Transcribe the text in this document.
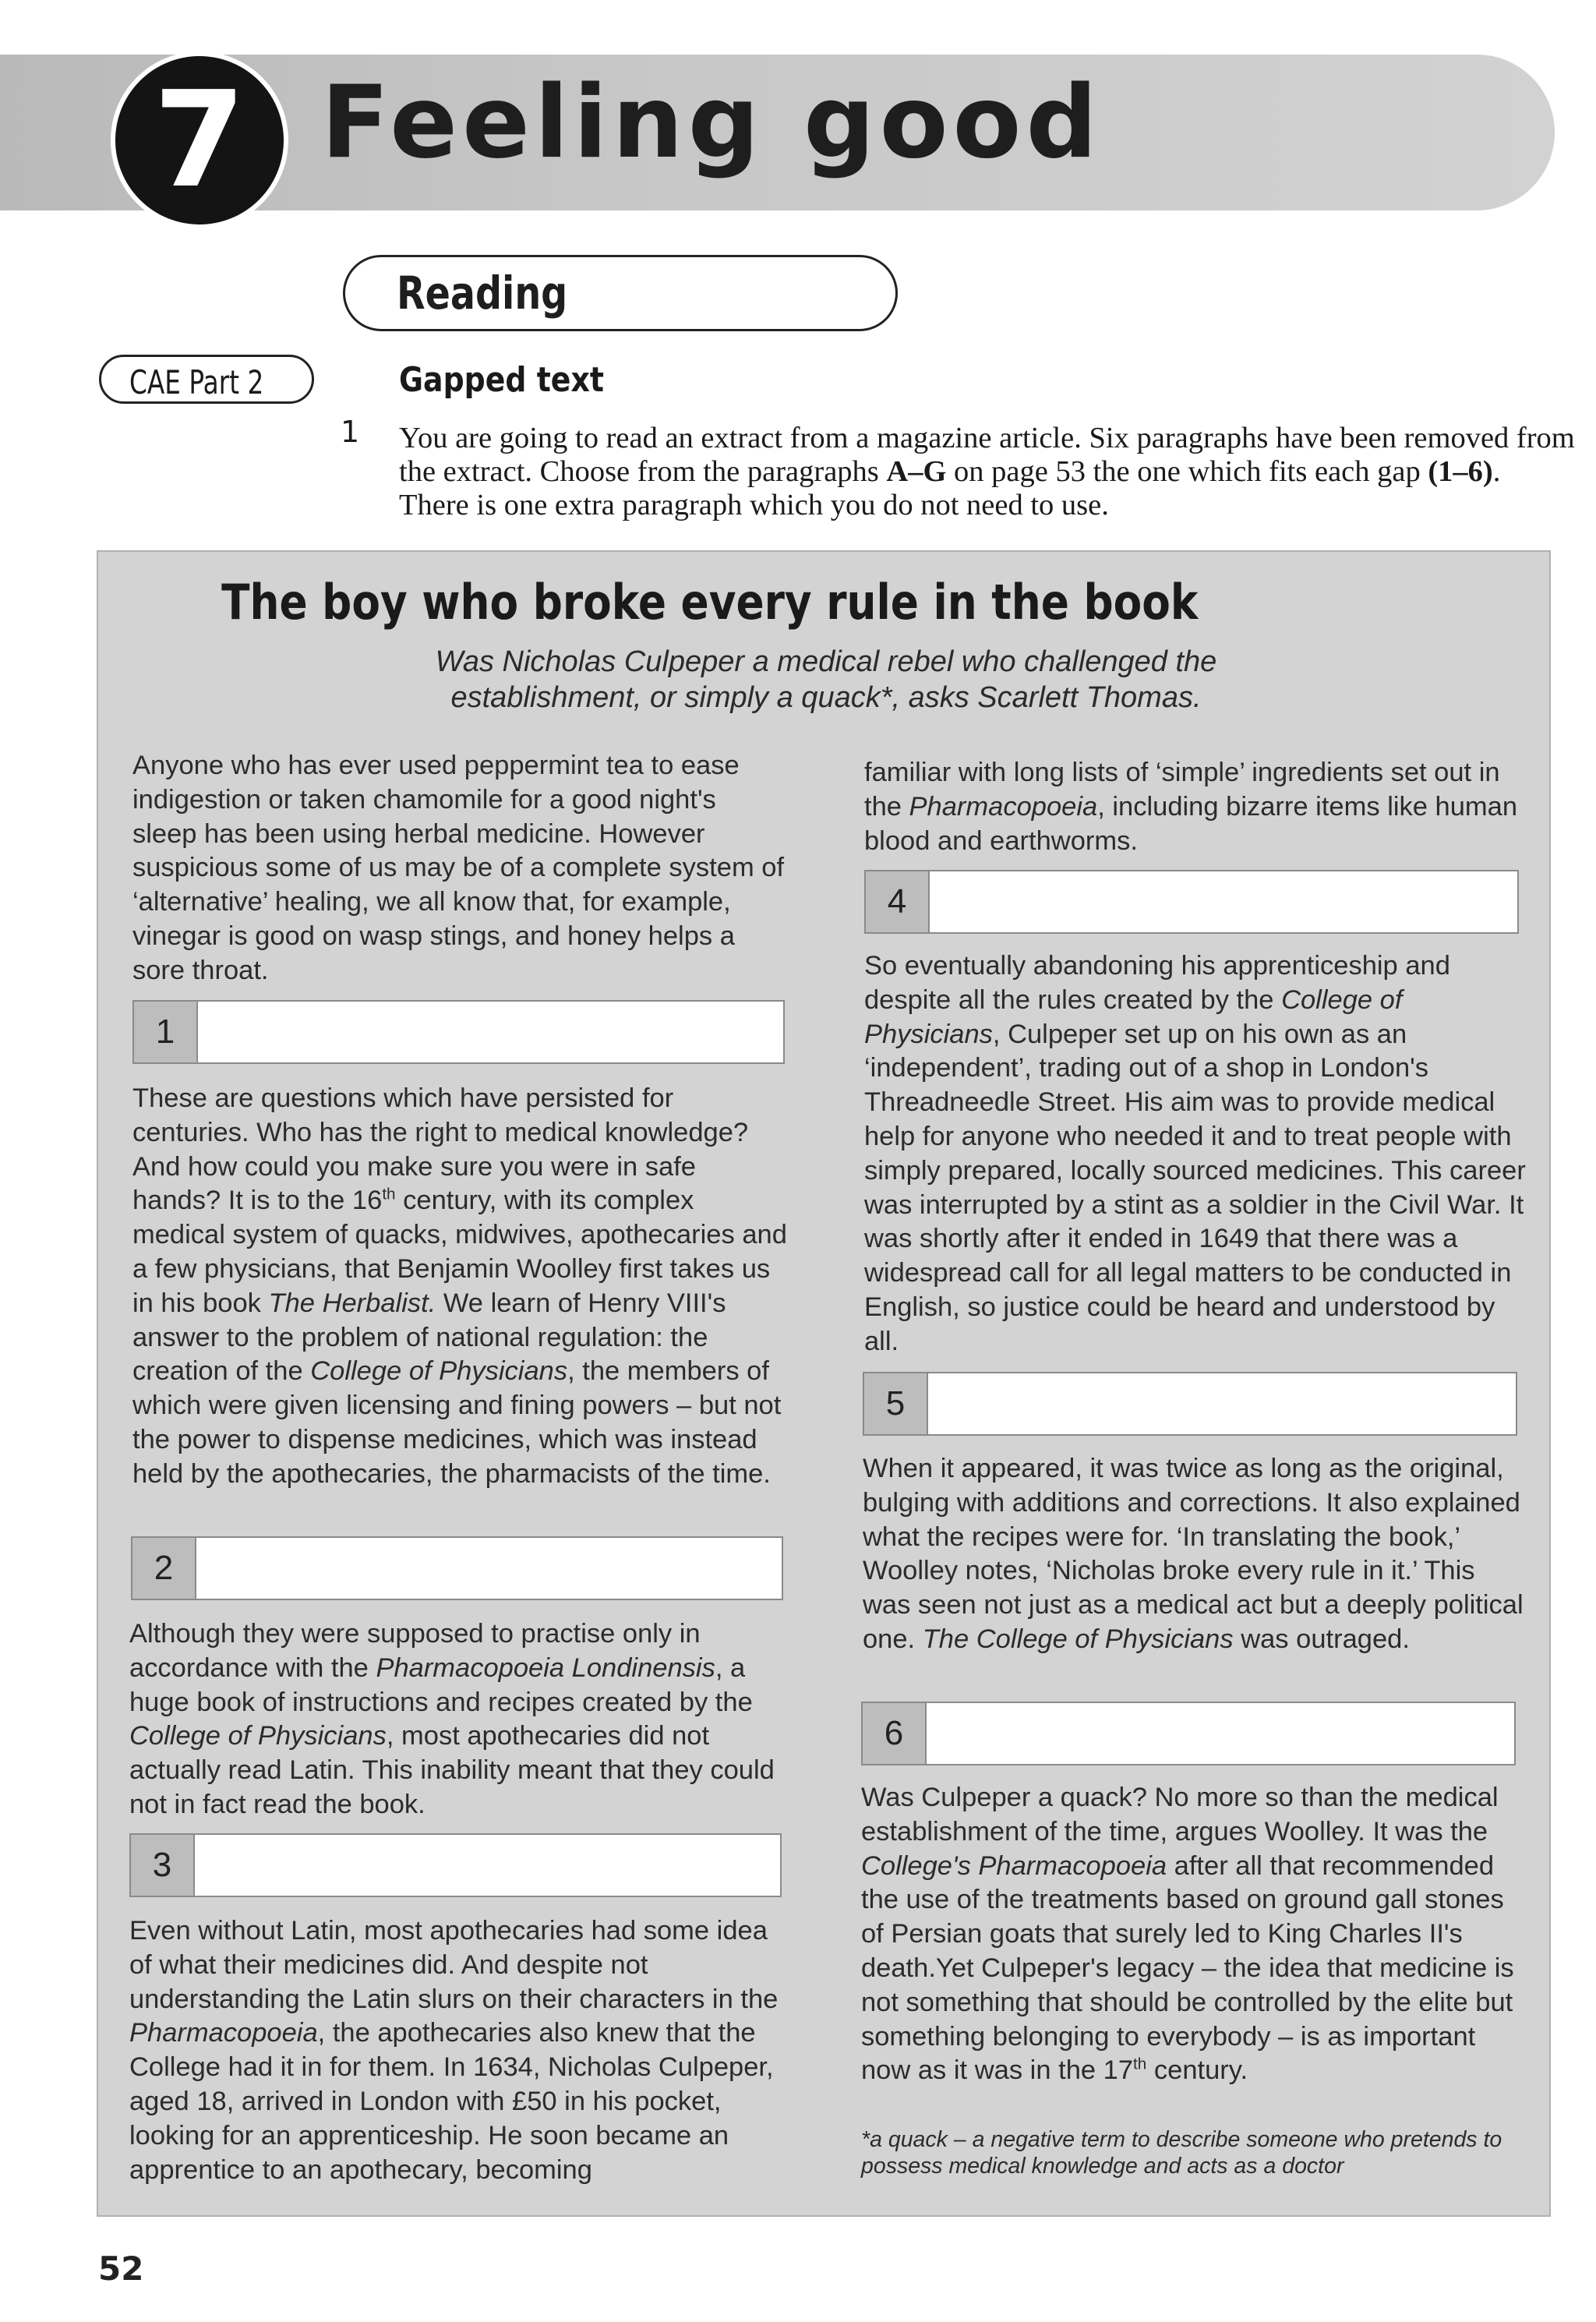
7 Feeling good
Reading
CAE Part 2	Gapped text
1 You are going to read an extract from a magazine article. Six paragraphs have been removed from the extract. Choose from the paragraphs A–G on page 53 the one which fits each gap (1–6). There is one extra paragraph which you do not need to use.

The boy who broke every rule in the book

Was Nicholas Culpeper a medical rebel who challenged the establishment, or simply a quack*, asks Scarlett Thomas.

Anyone who has ever used peppermint tea to ease indigestion or taken chamomile for a good night's sleep has been using herbal medicine. However suspicious some of us may be of a complete system of ‘alternative’ healing, we all know that, for example, vinegar is good on wasp stings, and honey helps a sore throat.

1

These are questions which have persisted for centuries. Who has the right to medical knowledge? And how could you make sure you were in safe hands? It is to the 16th century, with its complex medical system of quacks, midwives, apothecaries and a few physicians, that Benjamin Woolley first takes us in his book The Herbalist. We learn of Henry VIII's answer to the problem of national regulation: the creation of the College of Physicians, the members of which were given licensing and fining powers – but not the power to dispense medicines, which was instead held by the apothecaries, the pharmacists of the time.

2

Although they were supposed to practise only in accordance with the Pharmacopoeia Londinensis, a huge book of instructions and recipes created by the College of Physicians, most apothecaries did not actually read Latin. This inability meant that they could not in fact read the book.

3

Even without Latin, most apothecaries had some idea of what their medicines did. And despite not understanding the Latin slurs on their characters in the Pharmacopoeia, the apothecaries also knew that the College had it in for them. In 1634, Nicholas Culpeper, aged 18, arrived in London with £50 in his pocket, looking for an apprenticeship. He soon became an apprentice to an apothecary, becoming

familiar with long lists of ‘simple’ ingredients set out in the Pharmacopoeia, including bizarre items like human blood and earthworms.

4

So eventually abandoning his apprenticeship and despite all the rules created by the College of Physicians, Culpeper set up on his own as an ‘independent’, trading out of a shop in London's Threadneedle Street. His aim was to provide medical help for anyone who needed it and to treat people with simply prepared, locally sourced medicines. This career was interrupted by a stint as a soldier in the Civil War. It was shortly after it ended in 1649 that there was a widespread call for all legal matters to be conducted in English, so justice could be heard and understood by all.

5

When it appeared, it was twice as long as the original, bulging with additions and corrections. It also explained what the recipes were for. ‘In translating the book,’ Woolley notes, ‘Nicholas broke every rule in it.’ This was seen not just as a medical act but a deeply political one. The College of Physicians was outraged.

6

Was Culpeper a quack? No more so than the medical establishment of the time, argues Woolley. It was the College's Pharmacopoeia after all that recommended the use of the treatments based on ground gall stones of Persian goats that surely led to King Charles II's death.Yet Culpeper's legacy – the idea that medicine is not something that should be controlled by the elite but something belonging to everybody – is as important now as it was in the 17th century.

*a quack – a negative term to describe someone who pretends to possess medical knowledge and acts as a doctor

52
